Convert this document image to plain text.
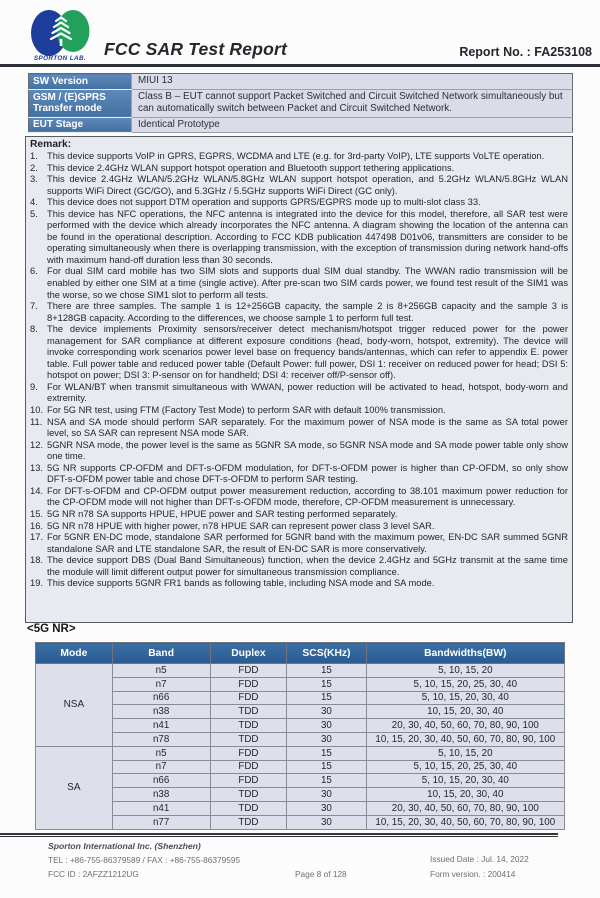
SPORTON LAB.	FCC SAR Test Report	Report No. : FA253108
SW Version	MIUI 13
GSM / (E)GPRS Transfer mode	Class B – EUT cannot support Packet Switched and Circuit Switched Network simultaneously but can automatically switch between Packet and Circuit Switched Network.
EUT Stage	Identical Prototype
Remark:
1. This device supports VoIP in GPRS, EGPRS, WCDMA and LTE (e.g. for 3rd-party VoIP), LTE supports VoLTE operation.
2. This device 2.4GHz WLAN support hotspot operation and Bluetooth support tethering applications.
3. This device 2.4GHz WLAN/5.2GHz WLAN/5.8GHz WLAN support hotspot operation, and 5.2GHz WLAN/5.8GHz WLAN supports WiFi Direct (GC/GO), and 5.3GHz / 5.5GHz supports WiFi Direct (GC only).
4. This device does not support DTM operation and supports GPRS/EGPRS mode up to multi-slot class 33.
5. This device has NFC operations, the NFC antenna is integrated into the device for this model, therefore, all SAR test were performed with the device which already incorporates the NFC antenna. A diagram showing the location of the antenna can be found in the operational description. According to FCC KDB publication 447498 D01v06, transmitters are consider to be operating simultaneously when there is overlapping transmission, with the exception of transmission during network hand-offs with maximum hand-off duration less than 30 seconds.
6. For dual SIM card mobile has two SIM slots and supports dual SIM dual standby. The WWAN radio transmission will be enabled by either one SIM at a time (single active). After pre-scan two SIM cards power, we found test result of the SIM1 was the worse, so we chose SIM1 slot to perform all tests.
7. There are three samples. The sample 1 is 12+256GB capacity, the sample 2 is 8+256GB capacity and the sample 3 is 8+128GB capacity. According to the differences, we choose sample 1 to perform full test.
8. The device implements Proximity sensors/receiver detect mechanism/hotspot trigger reduced power for the power management for SAR compliance at different exposure conditions (head, body-worn, hotspot, extremity). The device will invoke corresponding work scenarios power level base on frequency bands/antennas, which can refer to appendix E. power table. Full power table and reduced power table (Default Power: full power, DSI 1: receiver on reduced power for head; DSI 5: hotspot on power; DSI 3: P-sensor on for handheld; DSI 4: receiver off/P-sensor off).
9. For WLAN/BT when transmit simultaneous with WWAN, power reduction will be activated to head, hotspot, body-worn and extremity.
10. For 5G NR test, using FTM (Factory Test Mode) to perform SAR with default 100% transmission.
11. NSA and SA mode should perform SAR separately. For the maximum power of NSA mode is the same as SA total power level, so SA SAR can represent NSA mode SAR.
12. 5GNR NSA mode, the power level is the same as 5GNR SA mode, so 5GNR NSA mode and SA mode power table only show one time.
13. 5G NR supports CP-OFDM and DFT-s-OFDM modulation, for DFT-s-OFDM power is higher than CP-OFDM, so only show DFT-s-OFDM power table and chose DFT-s-OFDM to perform SAR testing.
14. For DFT-s-OFDM and CP-OFDM output power measurement reduction, according to 38.101 maximum power reduction for the CP-OFDM mode will not higher than DFT-s-OFDM mode, therefore, CP-OFDM measurement is unnecessary.
15. 5G NR n78 SA supports HPUE, HPUE power and SAR testing performed separately.
16. 5G NR n78 HPUE with higher power, n78 HPUE SAR can represent power class 3 level SAR.
17. For 5GNR EN-DC mode, standalone SAR performed for 5GNR band with the maximum power, EN-DC SAR summed 5GNR standalone SAR and LTE standalone SAR, the result of EN-DC SAR is more conservatively.
18. The device support DBS (Dual Band Simultaneous) function, when the device 2.4GHz and 5GHz transmit at the same time the module will limit different output power for simultaneous transmission compliance.
19. This device supports 5GNR FR1 bands as following table, including NSA mode and SA mode.
<5G NR>
Mode	Band	Duplex	SCS(KHz)	Bandwidths(BW)
NSA	n5	FDD	15	5, 10, 15, 20
	n7	FDD	15	5, 10, 15, 20, 25, 30, 40
	n66	FDD	15	5, 10, 15, 20, 30, 40
	n38	TDD	30	10, 15, 20, 30, 40
	n41	TDD	30	20, 30, 40, 50, 60, 70, 80, 90, 100
	n78	TDD	30	10, 15, 20, 30, 40, 50, 60, 70, 80, 90, 100
SA	n5	FDD	15	5, 10, 15, 20
	n7	FDD	15	5, 10, 15, 20, 25, 30, 40
	n66	FDD	15	5, 10, 15, 20, 30, 40
	n38	TDD	30	10, 15, 20, 30, 40
	n41	TDD	30	20, 30, 40, 50, 60, 70, 80, 90, 100
	n77	TDD	30	10, 15, 20, 30, 40, 50, 60, 70, 80, 90, 100
Sporton International Inc. (Shenzhen)
TEL : +86-755-86379589 / FAX : +86-755-86379595
FCC ID : 2AFZZ1212UG	Page 8 of 128
Issued Date : Jul. 14, 2022
Form version. : 200414
